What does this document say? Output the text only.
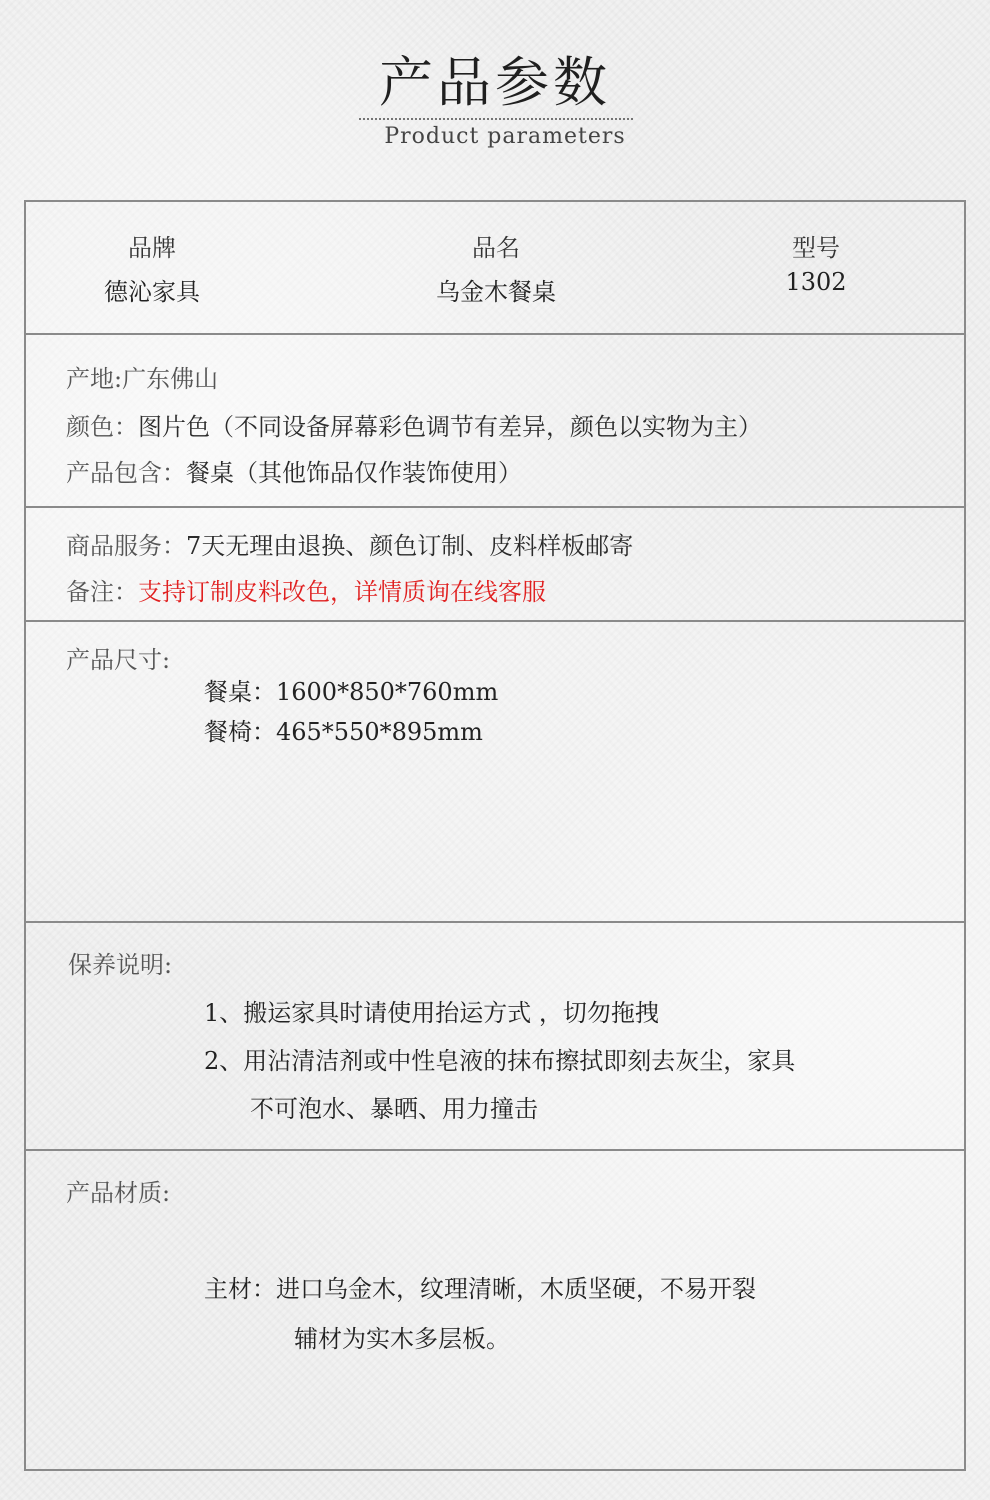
产品参数
Product parameters
品牌
德沁家具
品名
乌金木餐桌
型号
1302
产地:广东佛山
颜色：图片色（不同设备屏幕彩色调节有差异，颜色以实物为主）
产品包含：餐桌（其他饰品仅作装饰使用）
商品服务：7天无理由退换、颜色订制、皮料样板邮寄
备注：支持订制皮料改色，详情质询在线客服
产品尺寸:
餐桌：1600*850*760mm
餐椅：465*550*895mm
保养说明:
1、搬运家具时请使用抬运方式 ，切勿拖拽
2、用沾清洁剂或中性皂液的抹布擦拭即刻去灰尘，家具
不可泡水、暴晒、用力撞击
产品材质:
主材：进口乌金木，纹理清晰，木质坚硬，不易开裂
辅材为实木多层板。
